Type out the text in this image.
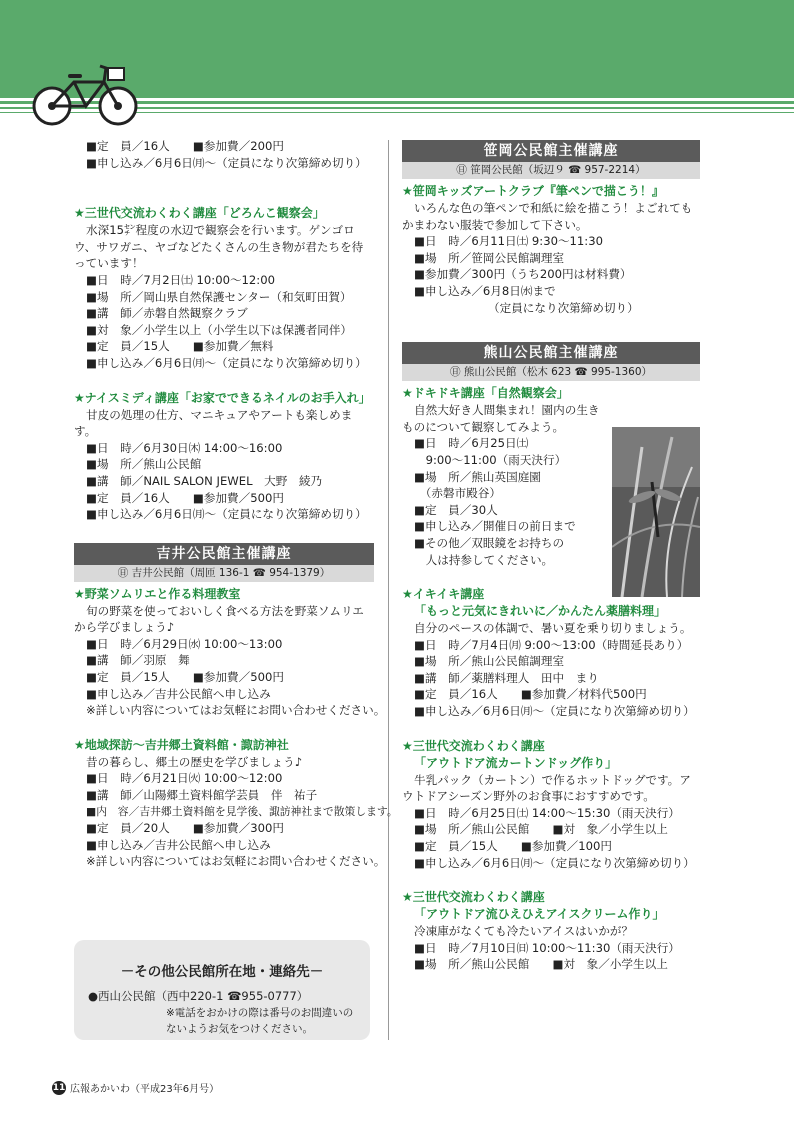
■定　員／16人　　■参加費／200円
■申し込み／6月6日㈪～（定員になり次第締め切り）
★三世代交流わくわく講座「どろんこ観察会」
水深15㌢程度の水辺で観察会を行います。ゲンゴロウ、サワガニ、ヤゴなどたくさんの生き物が君たちを待っています！
■日　時／7月2日㈯ 10:00～12:00
■場　所／岡山県自然保護センター（和気町田賀）
■講　師／赤磐自然観察クラブ
■対　象／小学生以上（小学生以下は保護者同伴）
■定　員／15人　　■参加費／無料
■申し込み／6月6日㈪～（定員になり次第締め切り）
★ナイスミディ講座「お家でできるネイルのお手入れ」
甘皮の処理の仕方、マニキュアやアートも楽しめます。
■日　時／6月30日㈭ 14:00～16:00
■場　所／熊山公民館
■講　師／NAIL SALON JEWEL　大野　綾乃
■定　員／16人　　■参加費／500円
■申し込み／6月6日㈪～（定員になり次第締め切り）
吉井公民館主催講座
㊐ 吉井公民館（周匝 136-1 ☎ 954-1379）
★野菜ソムリエと作る料理教室
旬の野菜を使っておいしく食べる方法を野菜ソムリエから学びましょう♪
■日　時／6月29日㈬ 10:00～13:00
■講　師／羽原　舞
■定　員／15人　　■参加費／500円
■申し込み／吉井公民館へ申し込み
※詳しい内容についてはお気軽にお問い合わせください。
★地域探訪～吉井郷土資料館・諏訪神社
昔の暮らし、郷土の歴史を学びましょう♪
■日　時／6月21日㈫ 10:00～12:00
■講　師／山陽郷土資料館学芸員　伴　祐子
■内　容／吉井郷土資料館を見学後、諏訪神社まで散策します。
■定　員／20人　　■参加費／300円
■申し込み／吉井公民館へ申し込み
※詳しい内容についてはお気軽にお問い合わせください。
－その他公民館所在地・連絡先－
●西山公民館（西中220-1 ☎955-0777）
※電話をおかけの際は番号のお間違いの
ないようお気をつけください。
笹岡公民館主催講座
㊐ 笹岡公民館（坂辺９ ☎ 957-2214）
★笹岡キッズアートクラブ『筆ペンで描こう！』
いろんな色の筆ペンで和紙に絵を描こう！よごれてもかまわない服装で参加して下さい。
■日　時／6月11日㈯ 9:30～11:30
■場　所／笹岡公民館調理室
■参加費／300円（うち200円は材料費）
■申し込み／6月8日㈬まで
（定員になり次第締め切り）
熊山公民館主催講座
㊐ 熊山公民館（松木 623 ☎ 995-1360）
★ドキドキ講座「自然観察会」
自然大好き人間集まれ！園内の生きものについて観察してみよう。
■日　時／6月25日㈯
　9:00～11:00（雨天決行）
■場　所／熊山英国庭園
　（赤磐市殿谷）
■定　員／30人
■申し込み／開催日の前日まで
■その他／双眼鏡をお持ちの
　人は持参してください。
★イキイキ講座
「もっと元気にきれいに／かんたん薬膳料理」
自分のペースの体調で、暑い夏を乗り切りましょう。
■日　時／7月4日㈪ 9:00～13:00（時間延長あり）
■場　所／熊山公民館調理室
■講　師／薬膳料理人　田中　まり
■定　員／16人　　■参加費／材料代500円
■申し込み／6月6日㈪～（定員になり次第締め切り）
★三世代交流わくわく講座
「アウトドア流カートンドッグ作り」
牛乳パック（カートン）で作るホットドッグです。アウトドアシーズン野外のお食事におすすめです。
■日　時／6月25日㈯ 14:00～15:30（雨天決行）
■場　所／熊山公民館　　■対　象／小学生以上
■定　員／15人　　■参加費／100円
■申し込み／6月6日㈪～（定員になり次第締め切り）
★三世代交流わくわく講座
「アウトドア流ひえひえアイスクリーム作り」
冷凍庫がなくても冷たいアイスはいかが？
■日　時／7月10日㈰ 10:00～11:30（雨天決行）
■場　所／熊山公民館　　■対　象／小学生以上
11 広報あかいわ（平成23年6月号）
